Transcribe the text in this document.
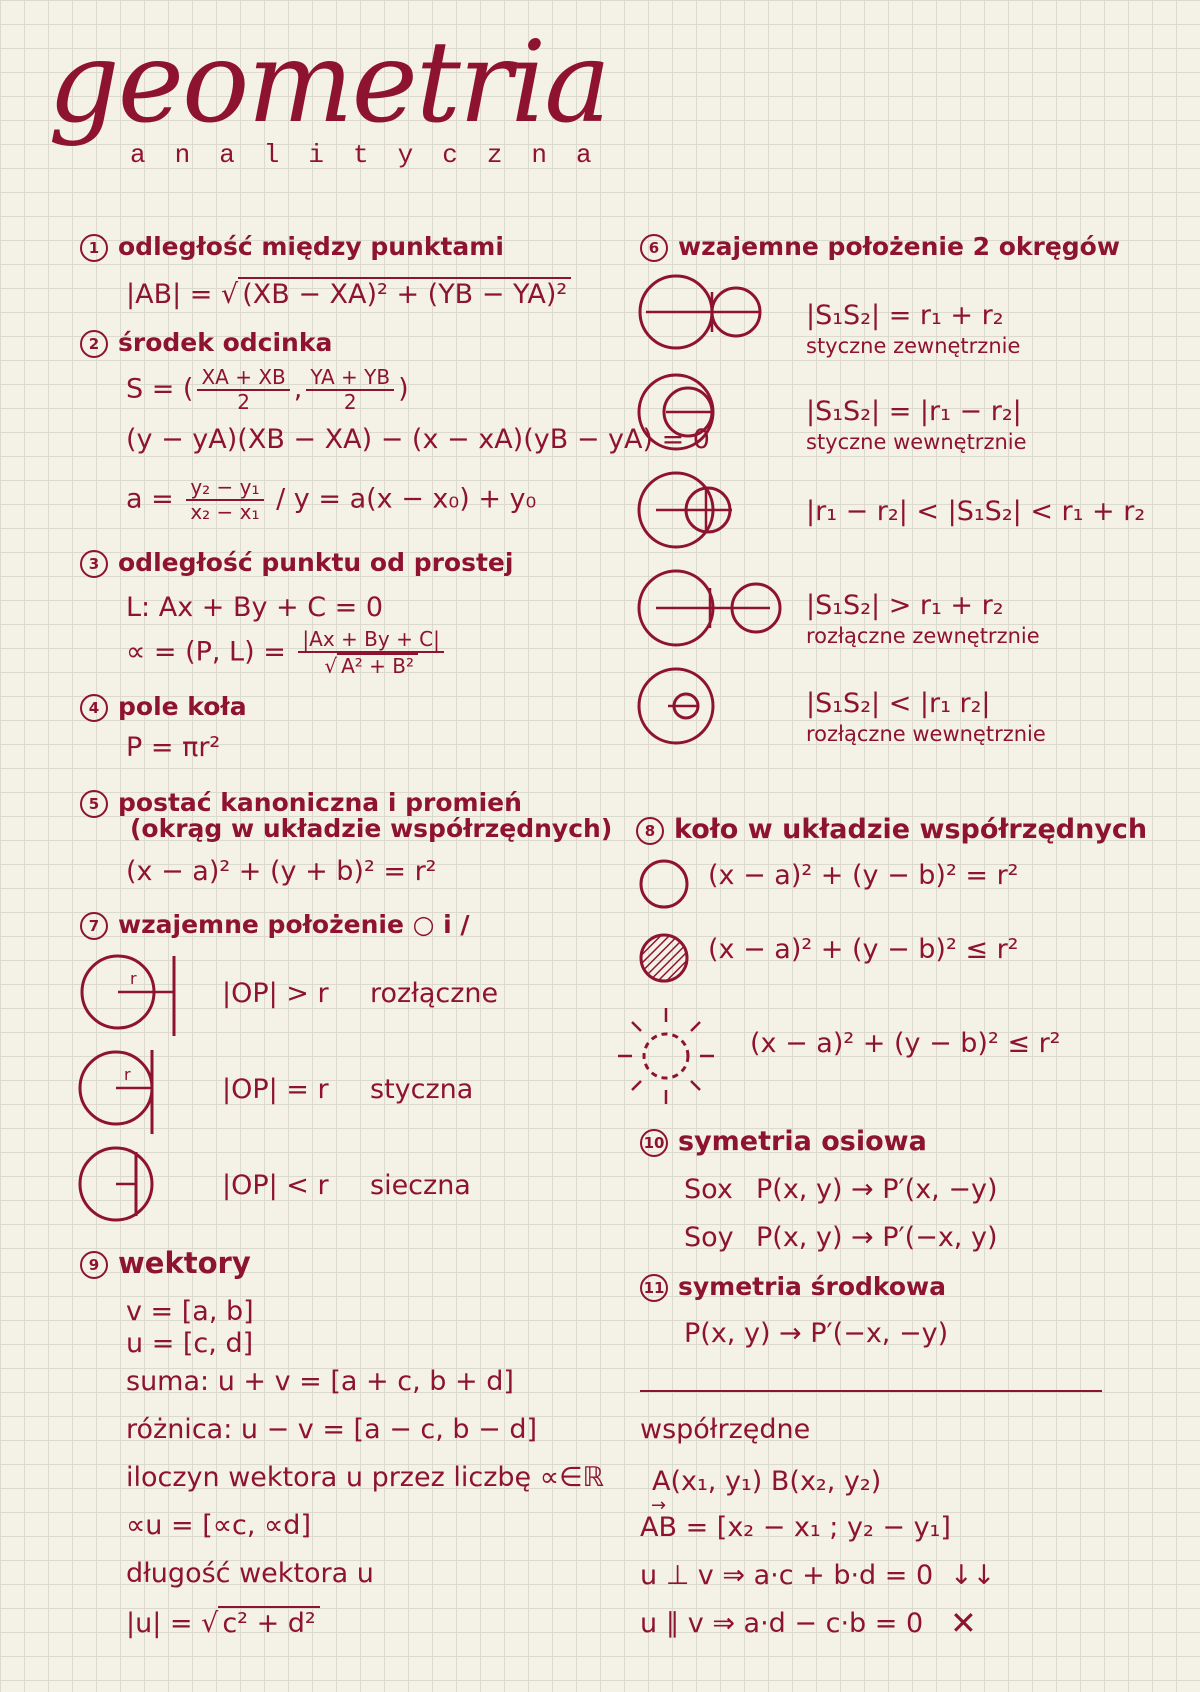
geometria
analityczna
1 odległość między punktami
|AB| = √ (XB − XA)² + (YB − YA)²
2 środek odcinka
S = ( $\frac{XA + XB}{2}$ , $\frac{YA + YB}{2}$ )
(y − yA)(XB − XA) − (x − xA)(yB − yA) = 0
$a = \frac{\text{y₂ − y₁}}{\text{x₂ − x₁}} / y = a(x - x_0) + y_0$
3 odległość punktu od prostej
L: Ax + By + C = 0
∝ = (P, $L) = \frac{|Ax + By + C|}{\text{√ A² + B²}}$
4 pole koła
P = πr²
5 postać kanoniczna i promień
(okrąg w układzie współrzędnych)
(x − a)² + (y + b)² = r²
7 wzajemne położenie ○ i /
r
r
|OP| > r rozłączne
|OP| = r styczna
|OP| < r sieczna
9 wektory
v = [a, b]
u = [c, d]
suma: u + v = [a + c, b + d]
różnica: u − v = [a − c, b − d]
iloczyn wektora u przez liczbę ∝∈ℝ
∝u = [∝c, ∝d]
długość wektora u
|u| = √ c² + d²
6 wzajemne położenie 2 okręgów
|S₁S₂| = r₁ + r₂
styczne zewnętrznie
|S₁S₂| = |r₁ − r₂|
styczne wewnętrznie
|r₁ − r₂| < |S₁S₂| < r₁ + r₂
|S₁S₂| > r₁ + r₂
rozłączne zewnętrznie
|S₁S₂| < |r₁ r₂|
rozłączne wewnętrznie
8 koło w układzie współrzędnych
(x − a)² + (y − b)² = r²
(x − a)² + (y − b)² ≤ r²
(x − a)² + (y − b)² ≤ r²
10 symetria osiowa
Sox P(x, y) → P′(x, −y)
Soy P(x, y) → P′(−x, y)
11 symetria środkowa
P(x, y) → P′(−x, −y)
współrzędne
A(x₁, y₁) B(x₂, y₂)
→ AB = [x₂ − x₁ ; y₂ − y₁]
u ⊥ v ⇒ a·c + b·d = 0 ↓↓
u ∥ v ⇒ a·d − c·b = 0 ✕
